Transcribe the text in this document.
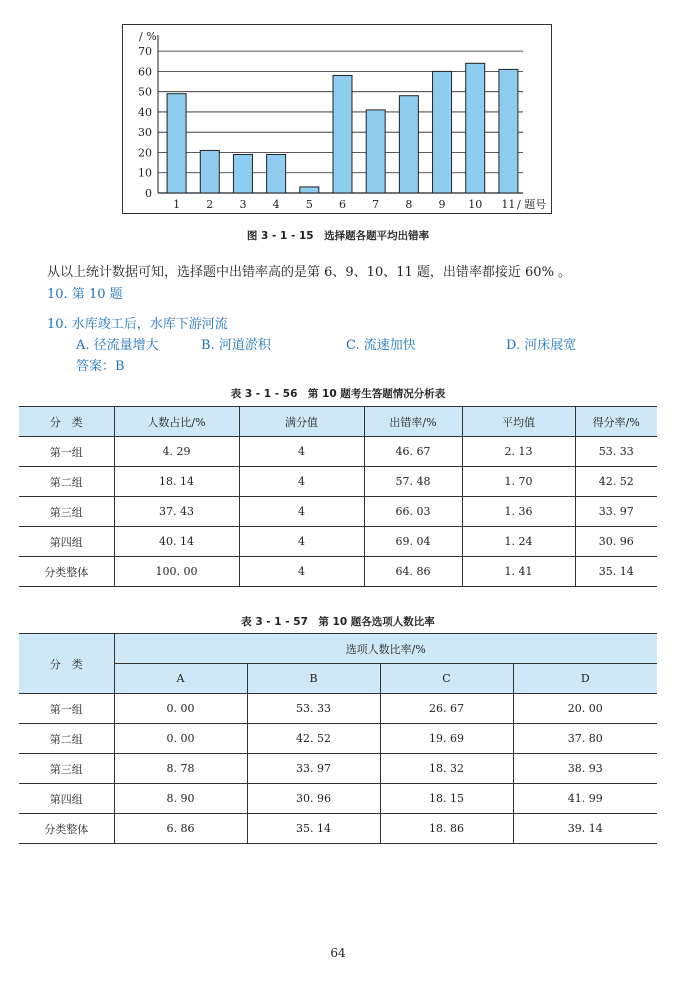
0
10
20
30
40
50
60
70
/ %
1 2 3 4 5 6 7 8 9 10 11 / 题号
图 3 - 1 - 15　选择题各题平均出错率
从以上统计数据可知，选择题中出错率高的是第 6、9、10、11 题，出错率都接近 60% 。
10. 第 10 题
10. 水库竣工后，水库下游河流
A. 径流量增大	B. 河道淤积	C. 流速加快	D. 河床展宽
答案：B
表 3 - 1 - 56　第 10 题考生答题情况分析表
分　类	人数占比/%	满分值	出错率/%	平均值	得分率/%
第一组	4. 29	4	46. 67	2. 13	53. 33
第二组	18. 14	4	57. 48	1. 70	42. 52
第三组	37. 43	4	66. 03	1. 36	33. 97
第四组	40. 14	4	69. 04	1. 24	30. 96
分类整体	100. 00	4	64. 86	1. 41	35. 14
表 3 - 1 - 57　第 10 题各选项人数比率
分　类	选项人数比率/%			
	A	B	C	D
第一组	0. 00	53. 33	26. 67	20. 00
第二组	0. 00	42. 52	19. 69	37. 80
第三组	8. 78	33. 97	18. 32	38. 93
第四组	8. 90	30. 96	18. 15	41. 99
分类整体	6. 86	35. 14	18. 86	39. 14
64
